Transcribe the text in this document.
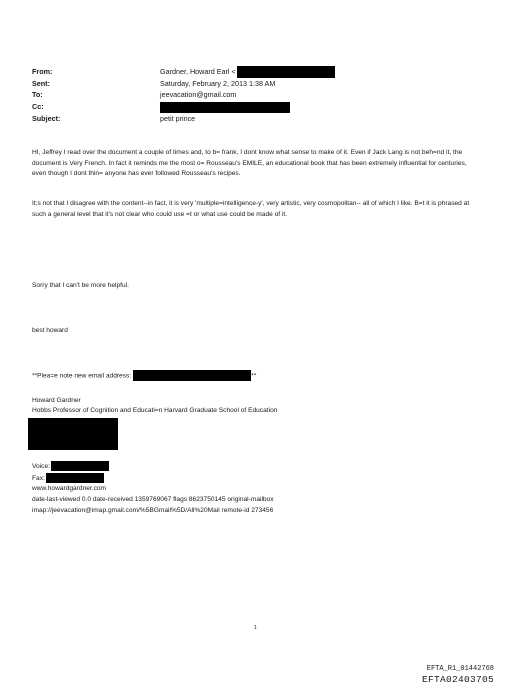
From:	Gardner, Howard Earl <
Sent:	Saturday, February 2, 2013 1:38 AM
To:	jeevacation@gmail.com
Cc:
Subject:	petit prince

HI, Jeffrey I read over the document a couple of times and, to b= frank, I dont know what sense to make of it. Even if Jack Lang is not beh=nd it, the document is Very French. In fact it reminds me the most o= Rousseau's EMILE, an educational book that has been extremely influential for centuries, even though I dont thin= anyone has ever followed Rousseau's recipes.

It;s not that I disagree with the content--in fact, it is very 'multiple=intelligence-y', very artistic, very cosmopolitan-- all of which I like. B=t it is phrased at such a general level that it's not clear who could use =t or what use could be made of it.

Sorry that I can't be more helpful.

best howard

**Plea=e note new email address:	**

Howard Gardner
Hobbs Professor of Cognition and Educati=n Harvard Graduate School of Education
Voice:
Fax:
www.howardgardner.com
date-last-viewed 0.0 date-received 1359769067 flags 8623750145 original-mailbox
imap://jeevacation@imap.gmail.com/%5BGmail%5D/All%20Mail remote-id 273456
1
EFTA_R1_01442768
EFTA02403705
